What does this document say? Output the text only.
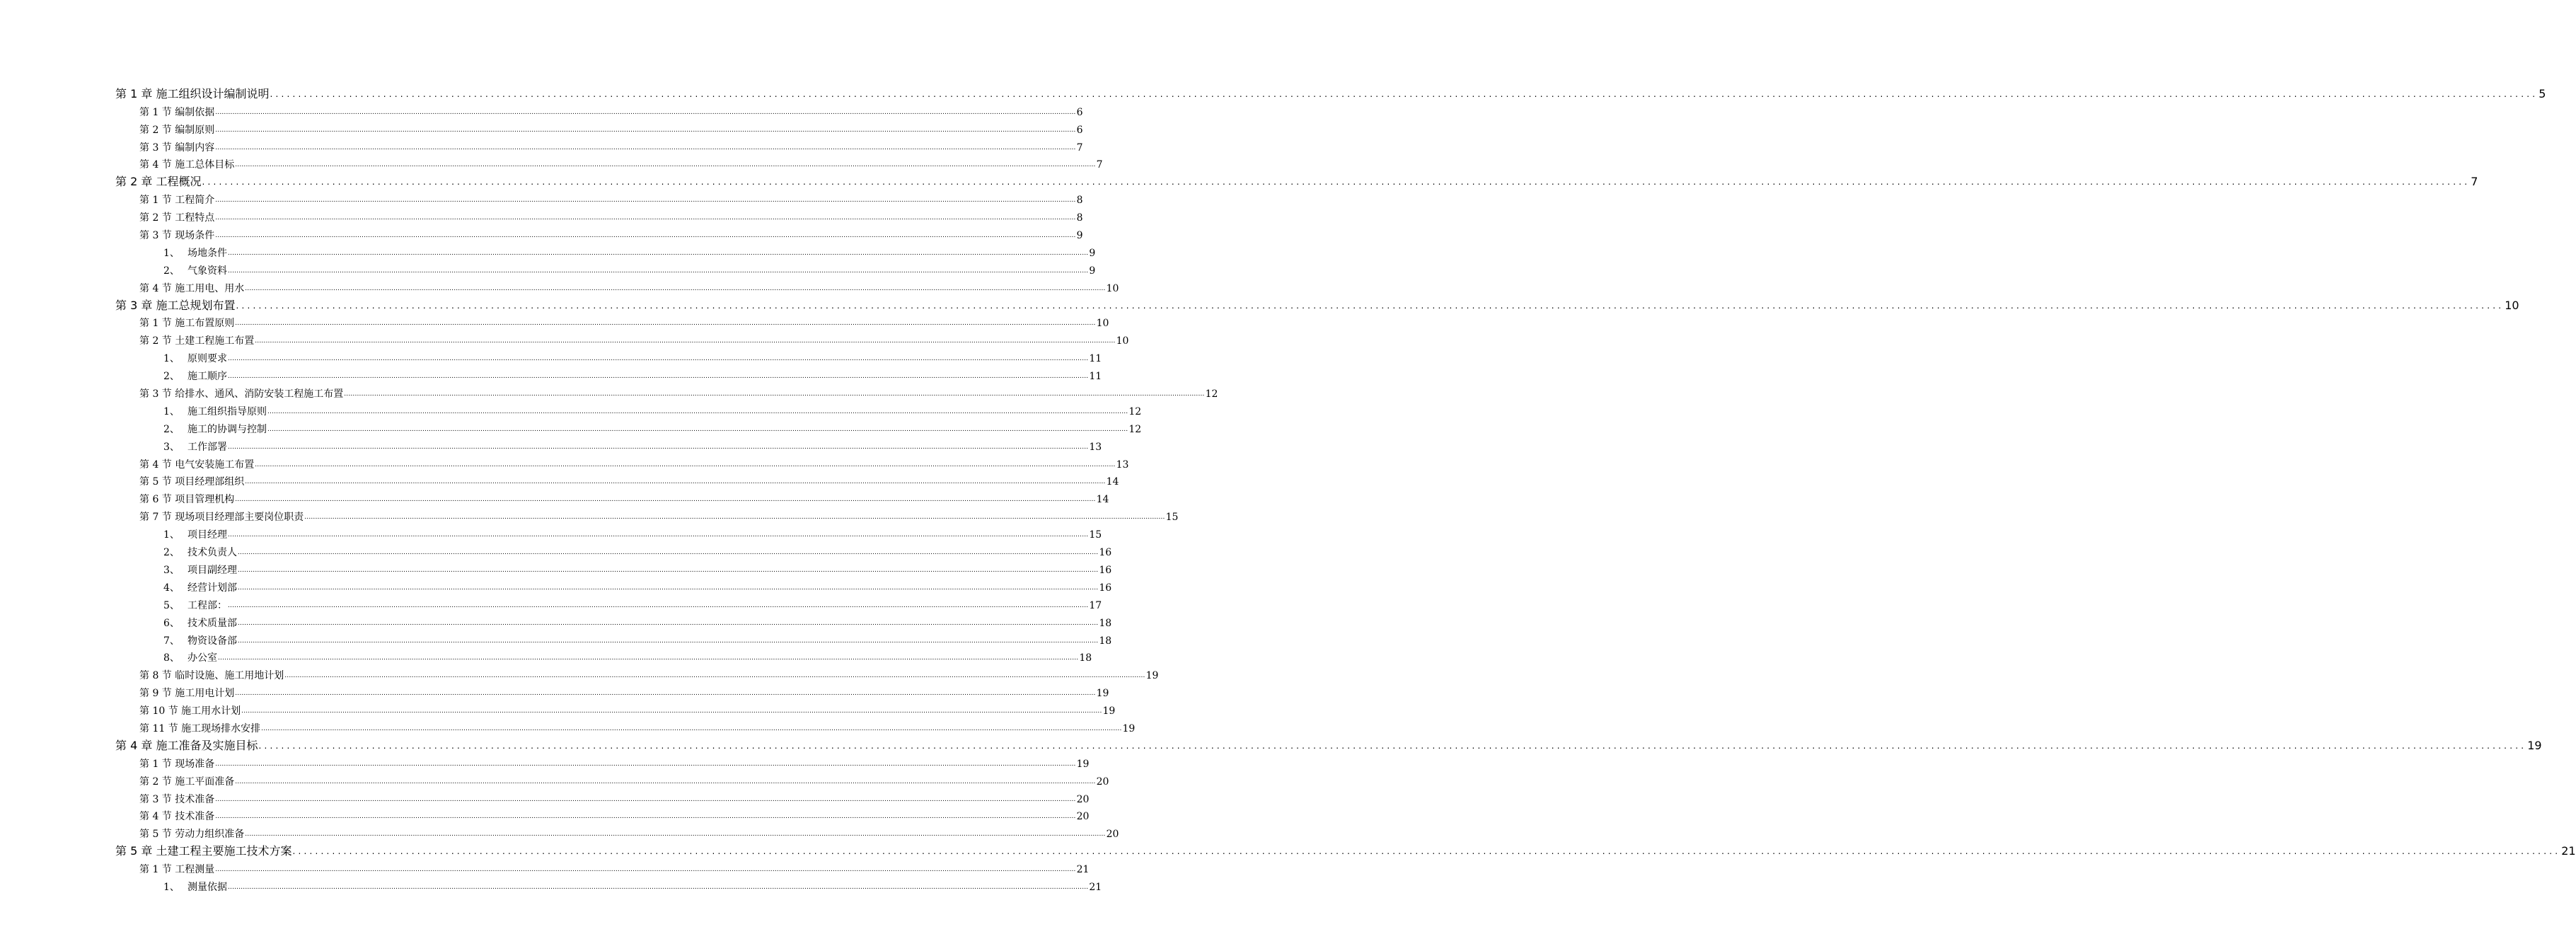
第 1 章 施工组织设计编制说明 ................................................................................................................................................................................................................................................................................................................................................................................................................ 5
第 1 节 编制依据 ................................................................................................................................................................................................................................................................................................................................................................................................................ 6
第 2 节 编制原则 ................................................................................................................................................................................................................................................................................................................................................................................................................ 6
第 3 节 编制内容 ................................................................................................................................................................................................................................................................................................................................................................................................................ 7
第 4 节 施工总体目标 ................................................................................................................................................................................................................................................................................................................................................................................................................ 7
第 2 章 工程概况 ................................................................................................................................................................................................................................................................................................................................................................................................................ 7
第 1 节 工程简介 ................................................................................................................................................................................................................................................................................................................................................................................................................ 8
第 2 节 工程特点 ................................................................................................................................................................................................................................................................................................................................................................................................................ 8
第 3 节 现场条件 ................................................................................................................................................................................................................................................................................................................................................................................................................ 9
1、 场地条件 ................................................................................................................................................................................................................................................................................................................................................................................................................ 9
2、 气象资料 ................................................................................................................................................................................................................................................................................................................................................................................................................ 9
第 4 节 施工用电、用水 ................................................................................................................................................................................................................................................................................................................................................................................................................ 10
第 3 章 施工总规划布置 ................................................................................................................................................................................................................................................................................................................................................................................................................ 10
第 1 节 施工布置原则 ................................................................................................................................................................................................................................................................................................................................................................................................................ 10
第 2 节 土建工程施工布置 ................................................................................................................................................................................................................................................................................................................................................................................................................ 10
1、 原则要求 ................................................................................................................................................................................................................................................................................................................................................................................................................ 11
2、 施工顺序 ................................................................................................................................................................................................................................................................................................................................................................................................................ 11
第 3 节 给排水、通风、消防安装工程施工布置 ................................................................................................................................................................................................................................................................................................................................................................................................................ 12
1、 施工组织指导原则 ................................................................................................................................................................................................................................................................................................................................................................................................................ 12
2、 施工的协调与控制 ................................................................................................................................................................................................................................................................................................................................................................................................................ 12
3、 工作部署 ................................................................................................................................................................................................................................................................................................................................................................................................................ 13
第 4 节 电气安装施工布置 ................................................................................................................................................................................................................................................................................................................................................................................................................ 13
第 5 节 项目经理部组织 ................................................................................................................................................................................................................................................................................................................................................................................................................ 14
第 6 节 项目管理机构 ................................................................................................................................................................................................................................................................................................................................................................................................................ 14
第 7 节 现场项目经理部主要岗位职责 ................................................................................................................................................................................................................................................................................................................................................................................................................ 15
1、 项目经理 ................................................................................................................................................................................................................................................................................................................................................................................................................ 15
2、 技术负责人 ................................................................................................................................................................................................................................................................................................................................................................................................................ 16
3、 项目副经理 ................................................................................................................................................................................................................................................................................................................................................................................................................ 16
4、 经营计划部 ................................................................................................................................................................................................................................................................................................................................................................................................................ 16
5、 工程部： ................................................................................................................................................................................................................................................................................................................................................................................................................ 17
6、 技术质量部 ................................................................................................................................................................................................................................................................................................................................................................................................................ 18
7、 物资设备部 ................................................................................................................................................................................................................................................................................................................................................................................................................ 18
8、 办公室 ................................................................................................................................................................................................................................................................................................................................................................................................................ 18
第 8 节 临时设施、施工用地计划 ................................................................................................................................................................................................................................................................................................................................................................................................................ 19
第 9 节 施工用电计划 ................................................................................................................................................................................................................................................................................................................................................................................................................ 19
第 10 节 施工用水计划 ................................................................................................................................................................................................................................................................................................................................................................................................................ 19
第 11 节 施工现场排水安排 ................................................................................................................................................................................................................................................................................................................................................................................................................ 19
第 4 章 施工准备及实施目标 ................................................................................................................................................................................................................................................................................................................................................................................................................ 19
第 1 节 现场准备 ................................................................................................................................................................................................................................................................................................................................................................................................................ 19
第 2 节 施工平面准备 ................................................................................................................................................................................................................................................................................................................................................................................................................ 20
第 3 节 技术准备 ................................................................................................................................................................................................................................................................................................................................................................................................................ 20
第 4 节 技术准备 ................................................................................................................................................................................................................................................................................................................................................................................................................ 20
第 5 节 劳动力组织准备 ................................................................................................................................................................................................................................................................................................................................................................................................................ 20
第 5 章 土建工程主要施工技术方案 ................................................................................................................................................................................................................................................................................................................................................................................................................ 21
第 1 节 工程测量 ................................................................................................................................................................................................................................................................................................................................................................................................................ 21
1、 测量依据 ................................................................................................................................................................................................................................................................................................................................................................................................................ 21
